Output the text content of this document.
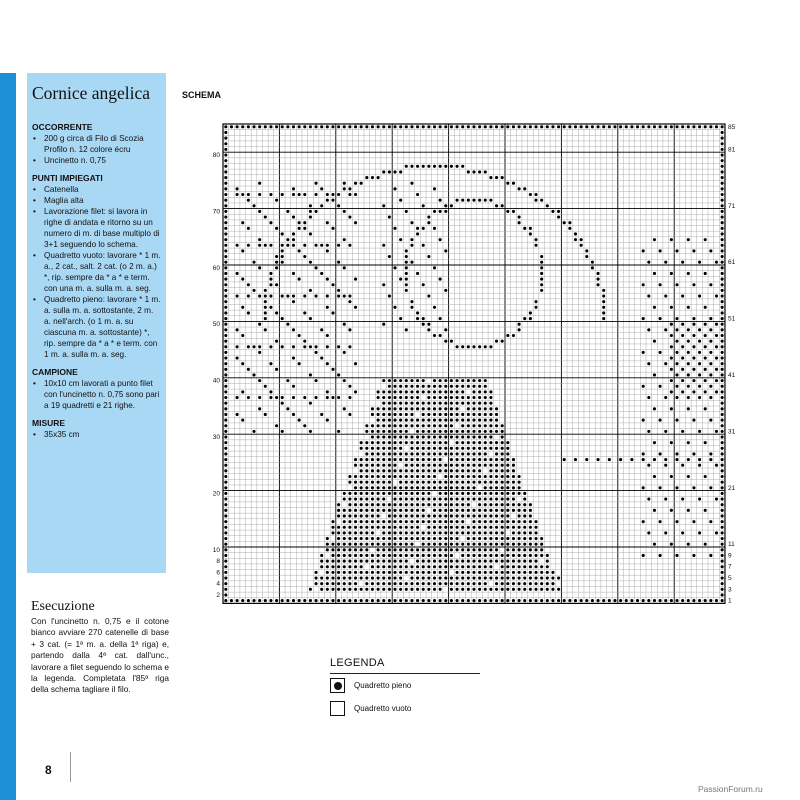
Cornice angelica
OCCORRENTE
• 200 g circa di Filo di Scozia Profilo n. 12 colore écru
• Uncinetto n. 0,75
PUNTI IMPIEGATI
• Catenella
• Maglia alta
• Lavorazione filet: si lavora in righe di andata e ritorno su un numero di m. di base multiplo di 3+1 seguendo lo schema.
• Quadretto vuoto: lavorare * 1 m. a., 2 cat., salt. 2 cat. (o 2 m. a.) *, rip. sempre da * a * e term. con una m. a. sulla m. a. seg.
• Quadretto pieno: lavorare * 1 m. a. sulla m. a. sottostante, 2 m. a. nell'arch. (o 1 m. a. su ciascuna m. a. sottostante) *, rip. sempre da * a * e term. con 1 m. a. sulla m. a. seg.
CAMPIONE
• 10x10 cm lavorati a punto filet con l'uncinetto n. 0,75 sono pari a 19 quadretti e 21 righe.
MISURE
• 35x35 cm
Esecuzione
Con l'uncinetto n. 0,75 e il cotone bianco avviare 270 catenelle di base + 3 cat. (= 1ª m. a. della 1ª riga) e, partendo dalla 4ª cat. dall'unc., lavorare a filet seguendo lo schema e la legenda. Completata l'85ª riga della schema tagliare il filo.
8
SCHEMA
2
4
6
8
10
20
30
40
50
60
70
80
1
3
5
7
9
11
21
31
41
51
61
71
81
85
LEGENDA
Quadretto pieno
Quadretto vuoto
PassionForum.ru
